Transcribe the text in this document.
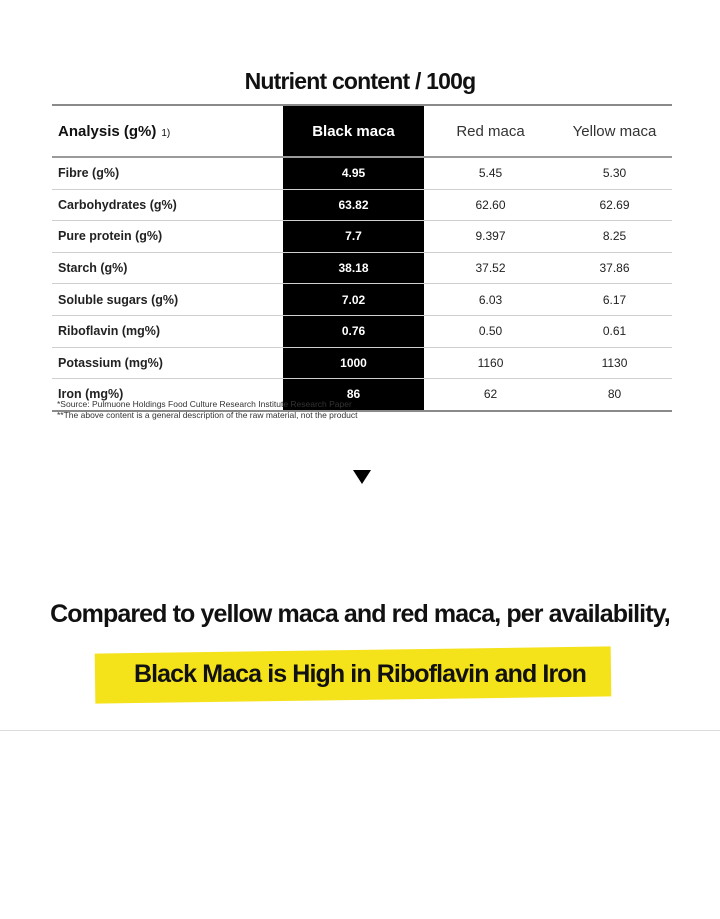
Nutrient content / 100g
Analysis (g%) 1)	Black maca	Red maca	Yellow maca
Fibre (g%)	4.95	5.45	5.30
Carbohydrates (g%)	63.82	62.60	62.69
Pure protein (g%)	7.7	9.397	8.25
Starch (g%)	38.18	37.52	37.86
Soluble sugars (g%)	7.02	6.03	6.17
Riboflavin (mg%)	0.76	0.50	0.61
Potassium (mg%)	1000	1160	1130
Iron (mg%)	86	62	80
*Source: Pulmuone Holdings Food Culture Research Institute Research Paper
**The above content is a general description of the raw material, not the product
Compared to yellow maca and red maca, per availability,
Black Maca is High in Riboflavin and Iron
